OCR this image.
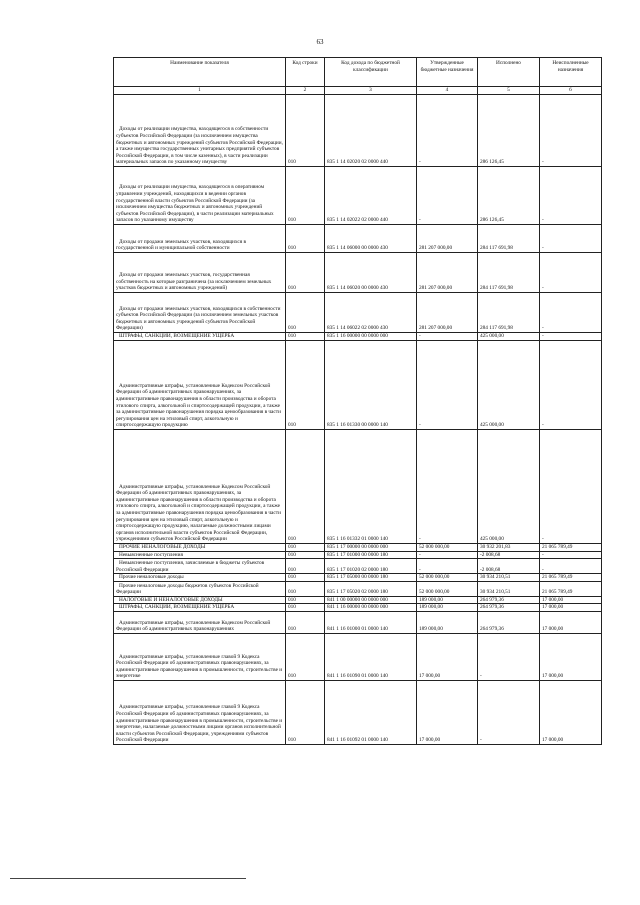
63
Наименование показателя	Код строки	Код дохода по бюджетной классификации	Утвержденные бюджетные назначения	Исполнено	Неисполненные назначения
1	2	3	4	5	6
Доходы от реализации имущества, находящегося в собственности субъектов Российской Федерации (за исключением имущества бюджетных и автономных учреждений субъектов Российской Федерации, а также имущества государственных унитарных предприятий субъектов Российской Федерации, в том числе казенных), в части реализации материальных запасов по указанному имуществу	010	835 1 14 02020 02 0000 440	-	286 126,45	-
Доходы от реализации имущества, находящегося в оперативном управлении учреждений, находящихся в ведении органов государственной власти субъектов Российской Федерации (за исключением имущества бюджетных и автономных учреждений субъектов Российской Федерации), в части реализации материальных запасов по указанному имуществу	010	835 1 14 02022 02 0000 440	-	286 126,45	-
Доходы от продажи земельных участков, находящихся в государственной и муниципальной собственности	010	835 1 14 06000 00 0000 430	281 207 000,00	284 117 691,98	-
Доходы от продажи земельных участков, государственная собственность на которые разграничена (за исключением земельных участков бюджетных и автономных учреждений)	010	835 1 14 06020 00 0000 430	281 207 000,00	284 117 691,98	-
Доходы от продажи земельных участков, находящихся в собственности субъектов Российской Федерации (за исключением земельных участков бюджетных и автономных учреждений субъектов Российской Федерации)	010	835 1 14 06022 02 0000 430	281 207 000,00	284 117 691,98	-
ШТРАФЫ, САНКЦИИ, ВОЗМЕЩЕНИЕ УЩЕРБА	010	835 1 16 00000 00 0000 000	-	425 000,00	-
Административные штрафы, установленные Кодексом Российской Федерации об административных правонарушениях, за административные правонарушения в области производства и оборота этилового спирта, алкогольной и спиртосодержащей продукции, а также за административные правонарушения порядка ценообразования в части регулирования цен на этиловый спирт, алкогольную и спиртосодержащую продукцию	010	835 1 16 01330 00 0000 140	-	425 000,00	-
Административные штрафы, установленные Кодексом Российской Федерации об административных правонарушениях, за административные правонарушения в области производства и оборота этилового спирта, алкогольной и спиртосодержащей продукции, а также за административные правонарушения порядка ценообразования в части регулирования цен на этиловый спирт, алкогольную и спиртосодержащую продукцию, налагаемые должностными лицами органов исполнительной власти субъектов Российской Федерации, учреждениями субъектов Российской Федерации	010	835 1 16 01332 01 0000 140	-	425 000,00	-
ПРОЧИЕ НЕНАЛОГОВЫЕ ДОХОДЫ	010	835 1 17 00000 00 0000 000	52 000 000,00	30 932 201,83	21 065 789,49
Невыясненные поступления	010	835 1 17 01000 00 0000 180	-	-2 008,68	-
Невыясненные поступления, зачисляемые в бюджеты субъектов Российской Федерации	010	835 1 17 01020 02 0000 180	-	-2 008,68	-
Прочие неналоговые доходы	010	835 1 17 05000 00 0000 180	52 000 000,00	30 934 210,51	21 065 789,49
Прочие неналоговые доходы бюджетов субъектов Российской Федерации	010	835 1 17 05020 02 0000 180	52 000 000,00	30 934 210,51	21 065 789,49
НАЛОГОВЫЕ И НЕНАЛОГОВЫЕ ДОХОДЫ	010	841 1 00 00000 00 0000 000	189 000,00	264 979,36	17 000,00
ШТРАФЫ, САНКЦИИ, ВОЗМЕЩЕНИЕ УЩЕРБА	010	841 1 16 00000 00 0000 000	189 000,00	264 979,36	17 000,00
Административные штрафы, установленные Кодексом Российской Федерации об административных правонарушениях	010	841 1 16 01000 01 0000 140	189 000,00	264 979,36	17 000,00
Административные штрафы, установленные главой 9 Кодекса Российской Федерации об административных правонарушениях, за административные правонарушения в промышленности, строительстве и энергетике	010	841 1 16 01090 01 0000 140	17 000,00	-	17 000,00
Административные штрафы, установленные главой 9 Кодекса Российской Федерации об административных правонарушениях, за административные правонарушения в промышленности, строительстве и энергетике, налагаемые должностными лицами органов исполнительной власти субъектов Российской Федерации, учреждениями субъектов Российской Федерации	010	841 1 16 01092 01 0000 140	17 000,00	-	17 000,00
